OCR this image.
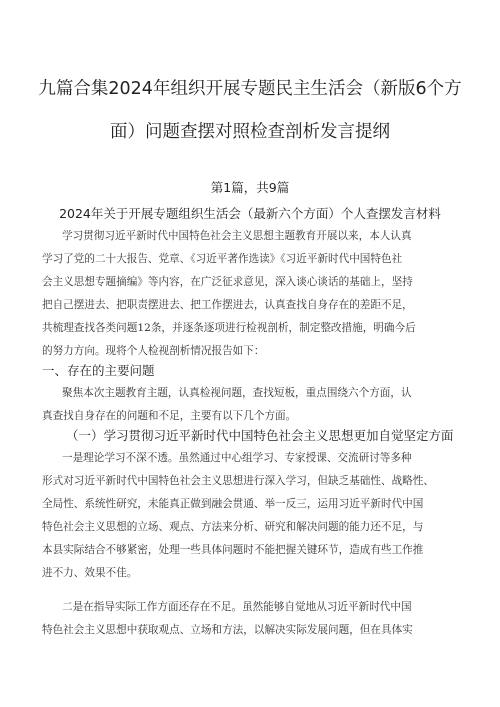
九篇合集2024年组织开展专题民主生活会（新版6个方
面）问题查摆对照检查剖析发言提纲
第1篇，共9篇
2024年关于开展专题组织生活会（最新六个方面）个人查摆发言材料
学习贯彻习近平新时代中国特色社会主义思想主题教育开展以来，本人认真
学习了党的二十大报告、党章、《习近平著作选读》《习近平新时代中国特色社
会主义思想专题摘编》等内容，在广泛征求意见，深入谈心谈话的基础上，坚持
把自己摆进去、把职责摆进去、把工作摆进去，认真查找自身存在的差距不足，
共梳理查找各类问题12条，并逐条逐项进行检视剖析，制定整改措施，明确今后
的努力方向。现将个人检视剖析情况报告如下：
一、存在的主要问题
聚焦本次主题教育主题，认真检视问题，查找短板，重点围绕六个方面，认
真查找自身存在的问题和不足，主要有以下几个方面。
（一）学习贯彻习近平新时代中国特色社会主义思想更加自觉坚定方面
一是理论学习不深不透。虽然通过中心组学习、专家授课、交流研讨等多种
形式对习近平新时代中国特色社会主义思想进行深入学习，但缺乏基础性、战略性、
全局性、系统性研究，未能真正做到融会贯通、举一反三，运用习近平新时代中国
特色社会主义思想的立场、观点、方法来分析、研究和解决问题的能力还不足，与
本县实际结合不够紧密，处理一些具体问题时不能把握关键环节，造成有些工作推
进不力、效果不佳。
二是在指导实际工作方面还存在不足。虽然能够自觉地从习近平新时代中国
特色社会主义思想中获取观点、立场和方法，以解决实际发展问题，但在具体实
